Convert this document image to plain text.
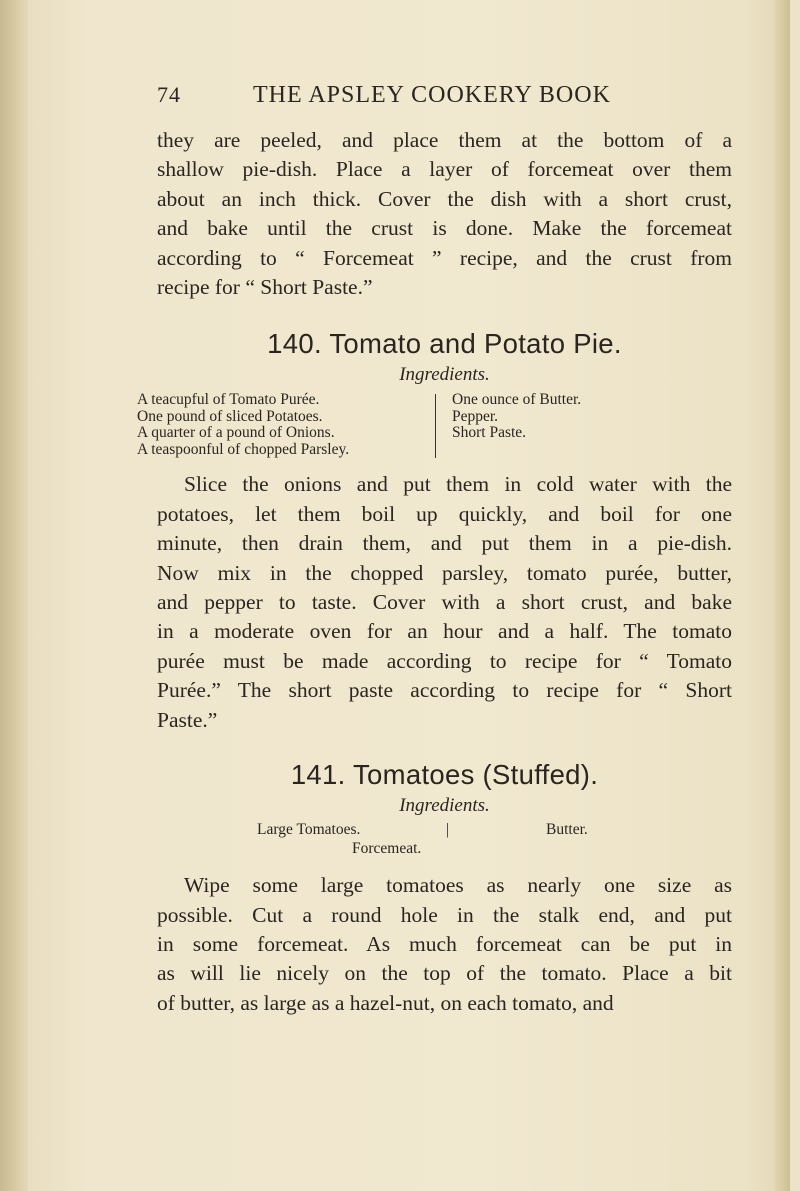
74	THE APSLEY COOKERY BOOK

they are peeled, and place them at the bottom of a

shallow pie-dish. Place a layer of forcemeat over them

about an inch thick. Cover the dish with a short crust,

and bake until the crust is done. Make the forcemeat

according to “ Forcemeat ” recipe, and the crust from

recipe for “ Short Paste.”

140. Tomato and Potato Pie.
Ingredients.
A teacupful of Tomato Purée.
One pound of sliced Potatoes.
A quarter of a pound of Onions.
A teaspoonful of chopped Parsley.
One ounce of Butter.
Pepper.
Short Paste.

Slice the onions and put them in cold water with the

potatoes, let them boil up quickly, and boil for one

minute, then drain them, and put them in a pie-dish.

Now mix in the chopped parsley, tomato purée, butter,

and pepper to taste. Cover with a short crust, and bake

in a moderate oven for an hour and a half. The tomato

purée must be made according to recipe for “ Tomato

Purée.” The short paste according to recipe for “ Short

Paste.”

141. Tomatoes (Stuffed).
Ingredients.
Large Tomatoes.	|	Butter.
Forcemeat.

Wipe some large tomatoes as nearly one size as

possible. Cut a round hole in the stalk end, and put

in some forcemeat. As much forcemeat can be put in

as will lie nicely on the top of the tomato. Place a bit

of butter, as large as a hazel-nut, on each tomato, and
